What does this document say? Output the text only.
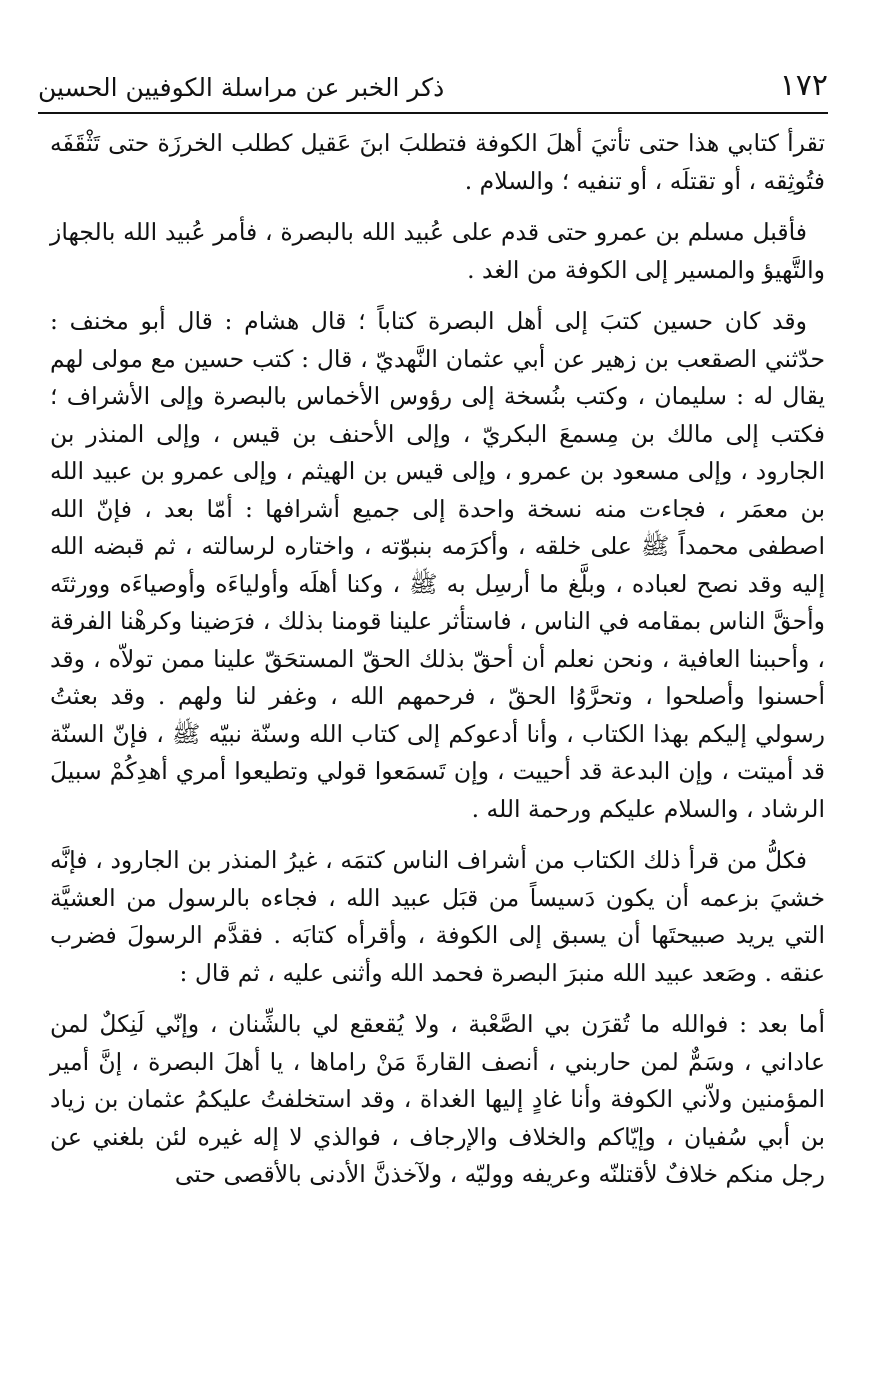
١٧٢
ذكر الخبر عن مراسلة الكوفيين الحسين

تقرأ كتابي هذا حتى تأتيَ أهلَ الكوفة فتطلبَ ابنَ عَقيل كطلب الخرزَة حتى تَثْقَفَه فتُوثِقه ، أو تقتلَه ، أو تنفيه ؛ والسلام .

فأقبل مسلم بن عمرو حتى قدم على عُبيد الله بالبصرة ، فأمر عُبيد الله بالجهاز والتَّهيؤ والمسير إلى الكوفة من الغد .

وقد كان حسين كتبَ إلى أهل البصرة كتاباً ؛ قال هشام : قال أبو مخنف : حدّثني الصقعب بن زهير عن أبي عثمان النَّهديّ ، قال : كتب حسين مع مولى لهم يقال له : سليمان ، وكتب بنُسخة إلى رؤوس الأخماس بالبصرة وإلى الأشراف ؛ فكتب إلى مالك بن مِسمعَ البكريّ ، وإلى الأحنف بن قيس ، وإلى المنذر بن الجارود ، وإلى مسعود بن عمرو ، وإلى قيس بن الهيثم ، وإلى عمرو بن عبيد الله بن معمَر ، فجاءت منه نسخة واحدة إلى جميع أشرافها : أمّا بعد ، فإنّ الله اصطفى محمداً ﷺ على خلقه ، وأكرَمه بنبوّته ، واختاره لرسالته ، ثم قبضه الله إليه وقد نصح لعباده ، وبلَّغ ما أرسِل به ﷺ ، وكنا أهلَه وأولياءَه وأوصياءَه وورثتَه وأحقَّ الناس بمقامه في الناس ، فاستأثر علينا قومنا بذلك ، فرَضينا وكرهْنا الفرقة ، وأحببنا العافية ، ونحن نعلم أن أحقّ بذلك الحقّ المستحَقّ علينا ممن تولاّه ، وقد أحسنوا وأصلحوا ، وتحرَّوُا الحقّ ، فرحمهم الله ، وغفر لنا ولهم . وقد بعثتُ رسولي إليكم بهذا الكتاب ، وأنا أدعوكم إلى كتاب الله وسنّة نبيّه ﷺ ، فإنّ السنّة قد أميتت ، وإن البدعة قد أحييت ، وإن تَسمَعوا قولي وتطيعوا أمري أهدِكُمْ سبيلَ الرشاد ، والسلام عليكم ورحمة الله .

فكلُّ من قرأ ذلك الكتاب من أشراف الناس كتمَه ، غيرُ المنذر بن الجارود ، فإنَّه خشيَ بزعمه أن يكون دَسيساً من قبَل عبيد الله ، فجاءه بالرسول من العشيَّة التي يريد صبيحتَها أن يسبق إلى الكوفة ، وأقرأه كتابَه . فقدَّم الرسولَ فضرب عنقه . وصَعد عبيد الله منبرَ البصرة فحمد الله وأثنى عليه ، ثم قال :

أما بعد : فوالله ما تُقرَن بي الصَّعْبة ، ولا يُقعقع لي بالشِّنان ، وإنّي لَنِكلٌ لمن عاداني ، وسَمٌّ لمن حاربني ، أنصف القارةَ مَنْ راماها ، يا أهلَ البصرة ، إنَّ أمير المؤمنين ولاّني الكوفة وأنا غادٍ إليها الغداة ، وقد استخلفتُ عليكمُ عثمان بن زياد بن أبي سُفيان ، وإيّاكم والخلاف والإرجاف ، فوالذي لا إله غيره لئن بلغني عن رجل منكم خلافٌ لأقتلنّه وعريفه ووليّه ، ولآخذنَّ الأدنى بالأقصى حتى
